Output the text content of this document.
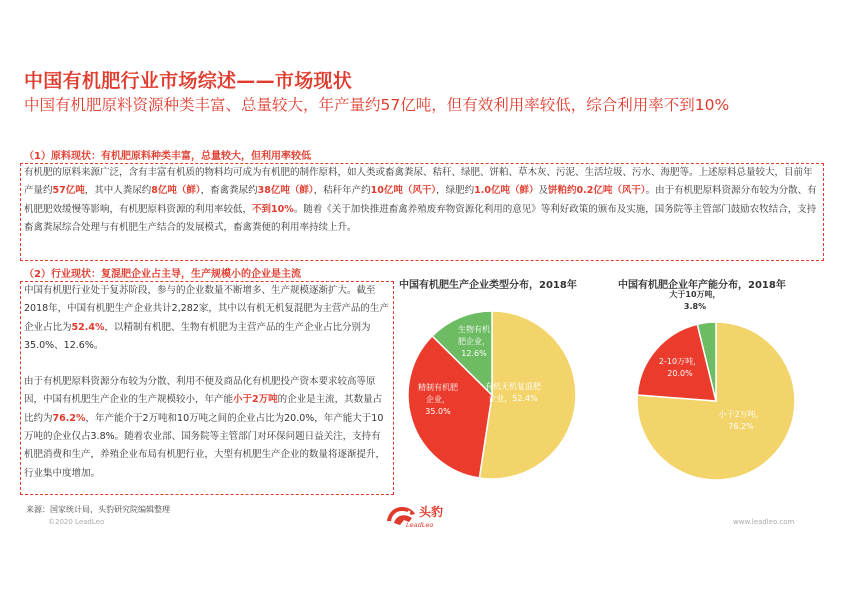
中国有机肥行业市场综述——市场现状
中国有机肥原料资源种类丰富、总量较大，年产量约57亿吨，但有效利用率较低，综合利用率不到10%
（1）原料现状：有机肥原料种类丰富，总量较大，但利用率较低

有机肥的原料来源广泛，含有丰富有机质的物料均可成为有机肥的制作原料，如人类或畜禽粪尿、秸秆、绿肥、饼粕、草木灰、污泥、生活垃圾、污水、海肥等。上述原料总量较大，目前年产量约57亿吨，其中人粪尿约8亿吨（鲜），畜禽粪尿约38亿吨（鲜），秸秆年产约10亿吨（风干），绿肥约1.0亿吨（鲜）及饼粕约0.2亿吨（风干）。由于有机肥原料资源分布较为分散、有机肥肥效缓慢等影响，有机肥原料资源的利用率较低，不到10%。随着《关于加快推进畜禽养殖废弃物资源化利用的意见》等利好政策的颁布及实施，国务院等主管部门鼓励农牧结合，支持畜禽粪尿综合处理与有机肥生产结合的发展模式，畜禽粪便的利用率持续上升。

（2）行业现状：复混肥企业占主导，生产规模小的企业是主流

中国有机肥行业处于复苏阶段，参与的企业数量不断增多、生产规模逐渐扩大。截至2018年，中国有机肥生产企业共计2,282家，其中以有机无机复混肥为主营产品的生产企业占比为52.4%，以精制有机肥、生物有机肥为主营产品的生产企业占比分别为35.0%、12.6%。

由于有机肥原料资源分布较为分散、利用不便及商品化有机肥投产资本要求较高等原因，中国有机肥生产企业的生产规模较小，年产能小于2万吨的企业是主流，其数量占比约为76.2%，年产能介于2万吨和10万吨之间的企业占比为20.0%，年产能大于10万吨的企业仅占3.8%。随着农业部、国务院等主管部门对环保问题日益关注，支持有机肥消费和生产，养殖企业布局有机肥行业，大型有机肥生产企业的数量将逐渐提升，行业集中度增加。

中国有机肥生产企业类型分布，2018年	中国有机肥企业年产能分布，2018年
有机无机复混肥
企业，52.4%
精制有机肥
企业，
35.0%
生物有机
肥企业，
12.6%
小于2万吨，
76.2%
2-10万吨，
20.0%
大于10万吨，
3.8%
来源：国家统计局，头豹研究院编辑整理
©2020 LeadLeo	www.leadleo.com
头豹
LeadLeo
